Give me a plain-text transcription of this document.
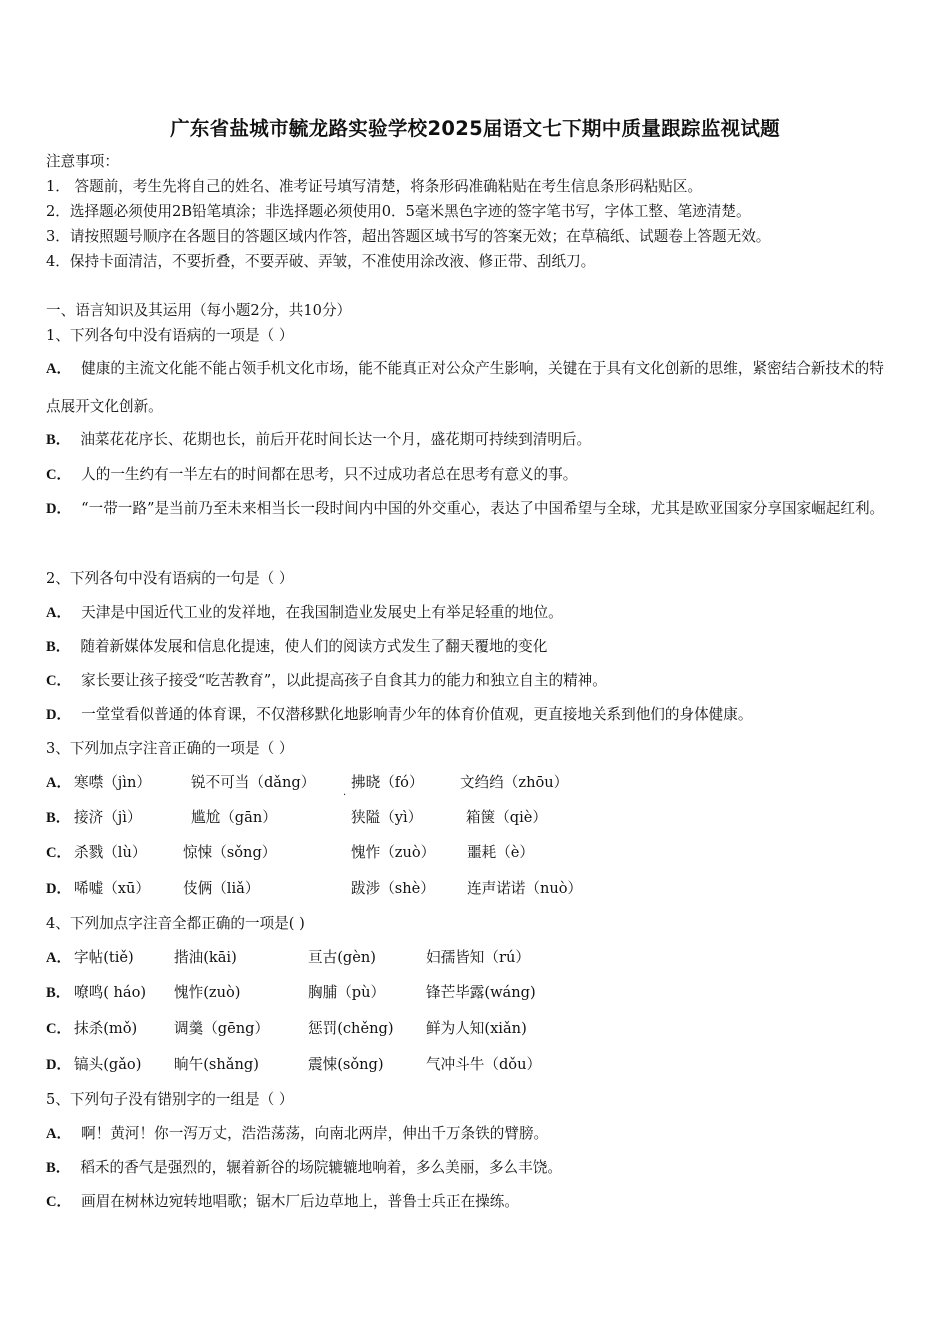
广东省盐城市毓龙路实验学校2025届语文七下期中质量跟踪监视试题
注意事项：
1． 答题前，考生先将自己的姓名、准考证号填写清楚，将条形码准确粘贴在考生信息条形码粘贴区。
2．选择题必须使用2B铅笔填涂；非选择题必须使用0．5毫米黑色字迹的签字笔书写，字体工整、笔迹清楚。
3．请按照题号顺序在各题目的答题区域内作答，超出答题区域书写的答案无效；在草稿纸、试题卷上答题无效。
4．保持卡面清洁，不要折叠，不要弄破、弄皱，不准使用涂改液、修正带、刮纸刀。
一、语言知识及其运用（每小题2分，共10分）
1、下列各句中没有语病的一项是（ ）
A． 健康的主流文化能不能占领手机文化市场，能不能真正对公众产生影响，关键在于具有文化创新的思维，紧密结合新技术的特点展开文化创新。
B． 油菜花花序长、花期也长，前后开花时间长达一个月，盛花期可持续到清明后。
C． 人的一生约有一半左右的时间都在思考，只不过成功者总在思考有意义的事。
D． “一带一路”是当前乃至未来相当长一段时间内中国的外交重心，表达了中国希望与全球，尤其是欧亚国家分享国家崛起红利。
2、下列各句中没有语病的一句是（ ）
A． 天津是中国近代工业的发祥地，在我国制造业发展史上有举足轻重的地位。
B． 随着新媒体发展和信息化提速，使人们的阅读方式发生了翻天覆地的变化
C． 家长要让孩子接受“吃苦教育”，以此提高孩子自食其力的能力和独立自主的精神。
D． 一堂堂看似普通的体育课，不仅潜移默化地影响青少年的体育价值观，更直接地关系到他们的身体健康。
3、下列加点字注音正确的一项是（ ）
A． 寒噤（jìn）	锐不可当（dǎng） 拂晓（fó） 文绉绉（zhōu）
·
B． 接济（jì）	尴尬（gān）	狭隘（yì）	箱箧（qiè）
C． 杀戮（lù）	惊悚（sǒng）	愧怍（zuò） 噩耗（è）
D． 唏嘘（xū） 伎俩（liǎ）	跋涉（shè） 连声诺诺（nuò）
4、下列加点字注音全都正确的一项是( )
A． 字帖(tiě)	揩油(kāi)	亘古(gèn)	妇孺皆知（rú）
B． 嘹鸣( háo) 愧怍(zuò)	胸脯（pù）	锋芒毕露(wáng)
C． 抹杀(mǒ)	调羹（gēng）	惩罚(chěng) 鲜为人知(xiǎn)
D． 镐头(gǎo) 晌午(shǎng)	震悚(sǒng)	气冲斗牛（dǒu）
5、下列句子没有错别字的一组是（ ）
A． 啊！黄河！你一泻万丈，浩浩荡荡，向南北两岸，伸出千万条铁的臂膀。
B． 稻禾的香气是强烈的，辗着新谷的场院辘辘地响着，多么美丽，多么丰饶。
C． 画眉在树林边宛转地唱歌；锯木厂后边草地上，普鲁士兵正在操练。
